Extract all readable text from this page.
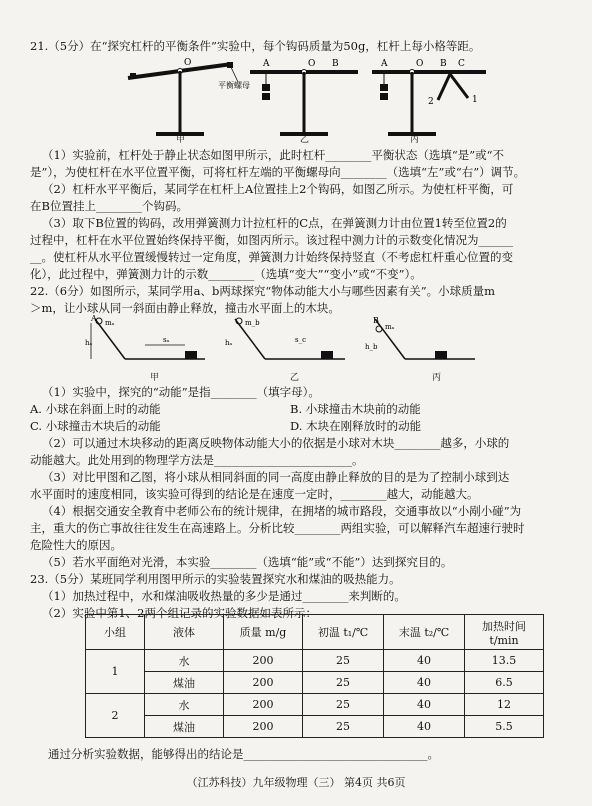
21.（5分）在“探究杠杆的平衡条件”实验中，每个钩码质量为50g，杠杆上每小格等距。
O
平衡螺母
A	O B	A	O B C
2	1
甲	乙	丙
（1）实验前，杠杆处于静止状态如图甲所示，此时杠杆________平衡状态（选填“是”或“不
是”），为使杠杆在水平位置平衡，可将杠杆左端的平衡螺母向________（选填“左”或“右”）调节。
（2）杠杆水平平衡后，某同学在杠杆上A位置挂上2个钩码，如图乙所示。为使杠杆平衡，可
在B位置挂上________个钩码。
（3）取下B位置的钩码，改用弹簧测力计拉杠杆的C点，在弹簧测力计由位置1转至位置2的
过程中，杠杆在水平位置始终保持平衡，如图丙所示。该过程中测力计的示数变化情况为______
__。使杠杆从水平位置缓慢转过一定角度，弹簧测力计始终保持竖直（不考虑杠杆重心位置的变
化），此过程中，弹簧测力计的示数________（选填“变大”“变小”或“不变”）。
22.（6分）如图所示，某同学用a、b两球探究“物体动能大小与哪些因素有关”。小球质量m
＞m，让小球从同一斜面由静止释放，撞击水平面上的木块。
A mₐ
hₐ	sₐ
m_b
hₐ	s_c
B
mₐ
h_b
甲	乙	丙
（1）实验中，探究的“动能”是指________（填字母）。
A. 小球在斜面上时的动能	B. 小球撞击木块前的动能
C. 小球撞击木块后的动能	D. 木块在刚释放时的动能
（2）可以通过木块移动的距离反映物体动能大小的依据是小球对木块________越多，小球的
动能越大。此处用到的物理学方法是________________________。
（3）对比甲图和乙图，将小球从相同斜面的同一高度由静止释放的目的是为了控制小球到达
水平面时的速度相同，该实验可得到的结论是在速度一定时，________越大，动能越大。
（4）根据交通安全教育中老师公布的统计规律，在拥堵的城市路段，交通事故以“小剐小碰”为
主，重大的伤亡事故往往发生在高速路上。分析比较________两组实验，可以解释汽车超速行驶时
危险性大的原因。
（5）若水平面绝对光滑，本实验________（选填“能”或“不能”）达到探究目的。
23.（5分）某班同学利用图甲所示的实验装置探究水和煤油的吸热能力。
（1）加热过程中，水和煤油吸收热量的多少是通过________来判断的。
（2）实验中第1、2两个组记录的实验数据如表所示：
小组	液体	质量 m/g	初温 t₁/℃	末温 t₂/℃	加热时间
t/min
1	水	200	25	40	13.5
	煤油	200	25	40	6.5
2	水	200	25	40	12
	煤油	200	25	40	5.5
通过分析实验数据，能够得出的结论是________________________________。
（江苏科技）九年级物理（三） 第4页 共6页
